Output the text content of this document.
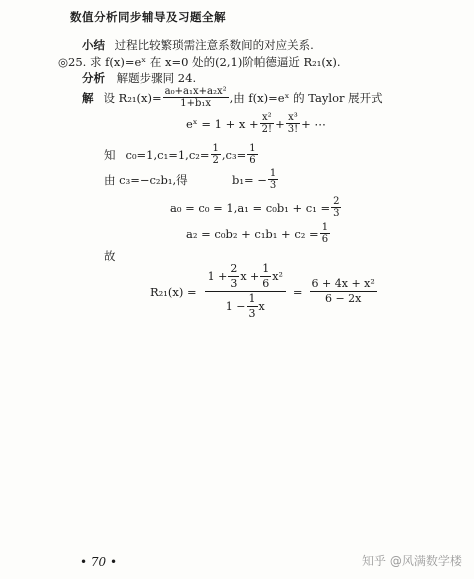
数值分析同步辅导及习题全解
小结 过程比较繁琐需注意系数间的对应关系.
◎25. 求 f(x)=eˣ 在 x=0 处的(2,1)阶帕德逼近 R₂₁(x).
分析 解题步骤同 24.
解 设 $R_{21}(x)= \frac{\text{a₀+a₁x+a₂x²}}{\text{1+b₁x}}$ ,由 f(x)=eˣ 的 Taylor 展开式
eˣ = $1 + x + \frac{\text{x²}}{2!} + \frac{\text{x³}}{3!}$ + ⋯
知 $c_0=1,c_1=1,c_2= \frac{1}{2} ,c_3= \frac{1}{6}$
由 c₃=−c₂b₁,得	$b_1= - \frac{1}{3}$
$a_0 = c_0 = 1,a_1 = c_0b_1 + c_1 = \frac{2}{3}$
$a_2 = c_0b_2 + c_1b_1 + c_2 = \frac{1}{6}$
故
R₂₁(x) =
$1 + \frac{2}{3}$ $x + \frac{1}{6} x^2$
$1 - \frac{1}{3}$ x
= $\frac{\text{6 + 4x + x²}}{6 - 2x}$
• 70 •	知乎 @风满数学楼
